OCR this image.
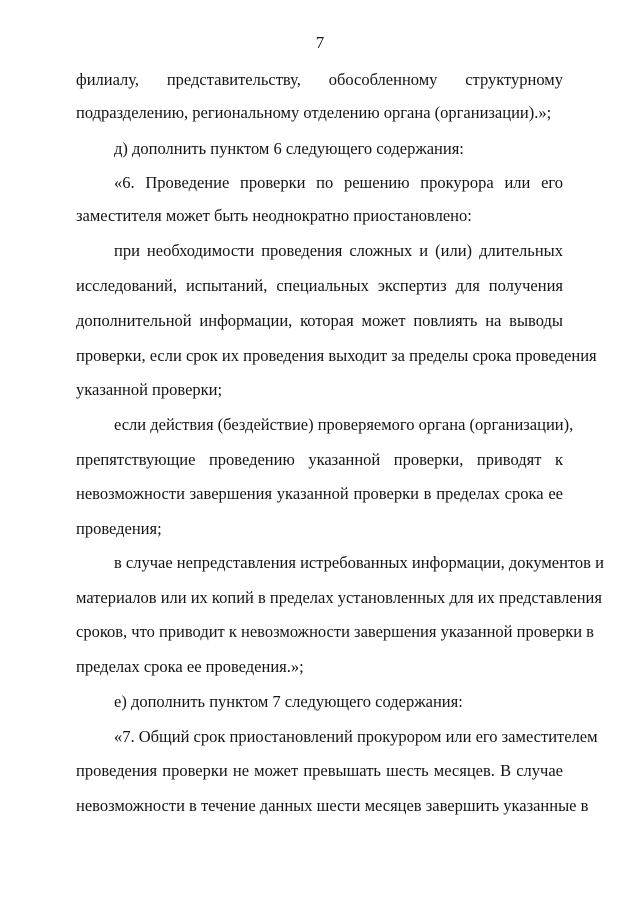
7
филиалу, представительству, обособленному структурному
подразделению, региональному отделению органа (организации).»;
д) дополнить пунктом 6 следующего содержания:
«6. Проведение проверки по решению прокурора или его
заместителя может быть неоднократно приостановлено:
при необходимости проведения сложных и (или) длительных
исследований, испытаний, специальных экспертиз для получения
дополнительной информации, которая может повлиять на выводы
проверки, если срок их проведения выходит за пределы срока проведения
указанной проверки;
если действия (бездействие) проверяемого органа (организации),
препятствующие проведению указанной проверки, приводят к
невозможности завершения указанной проверки в пределах срока ее
проведения;
в случае непредставления истребованных информации, документов и
материалов или их копий в пределах установленных для их представления
сроков, что приводит к невозможности завершения указанной проверки в
пределах срока ее проведения.»;
е) дополнить пунктом 7 следующего содержания:
«7. Общий срок приостановлений прокурором или его заместителем
проведения проверки не может превышать шесть месяцев. В случае
невозможности в течение данных шести месяцев завершить указанные в
